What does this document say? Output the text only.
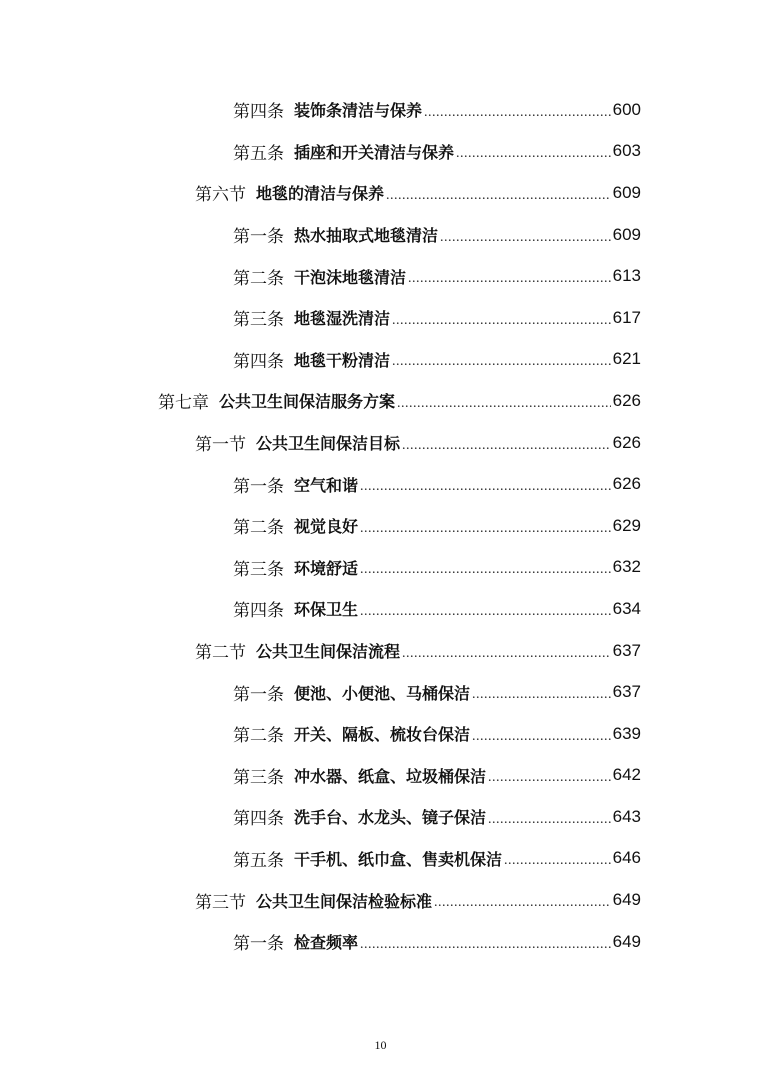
第四条 装饰条清洁与保养 .....	600
第五条 插座和开关清洁与保养 .....	603
第六节 地毯的清洁与保养 .....	609
第一条 热水抽取式地毯清洁 .....	609
第二条 干泡沫地毯清洁 .....	613
第三条 地毯湿洗清洁 .....	617
第四条 地毯干粉清洁 .....	621
第七章 公共卫生间保洁服务方案 .....	626
第一节 公共卫生间保洁目标 .....	626
第一条 空气和谐 .....	626
第二条 视觉良好 .....	629
第三条 环境舒适 .....	632
第四条 环保卫生 .....	634
第二节 公共卫生间保洁流程 .....	637
第一条 便池、小便池、马桶保洁 .....	637
第二条 开关、隔板、梳妆台保洁 .....	639
第三条 冲水器、纸盒、垃圾桶保洁 .....	642
第四条 洗手台、水龙头、镜子保洁 .....	643
第五条 干手机、纸巾盒、售卖机保洁 .....	646
第三节 公共卫生间保洁检验标准 .....	649
第一条 检查频率 .....	649
10
